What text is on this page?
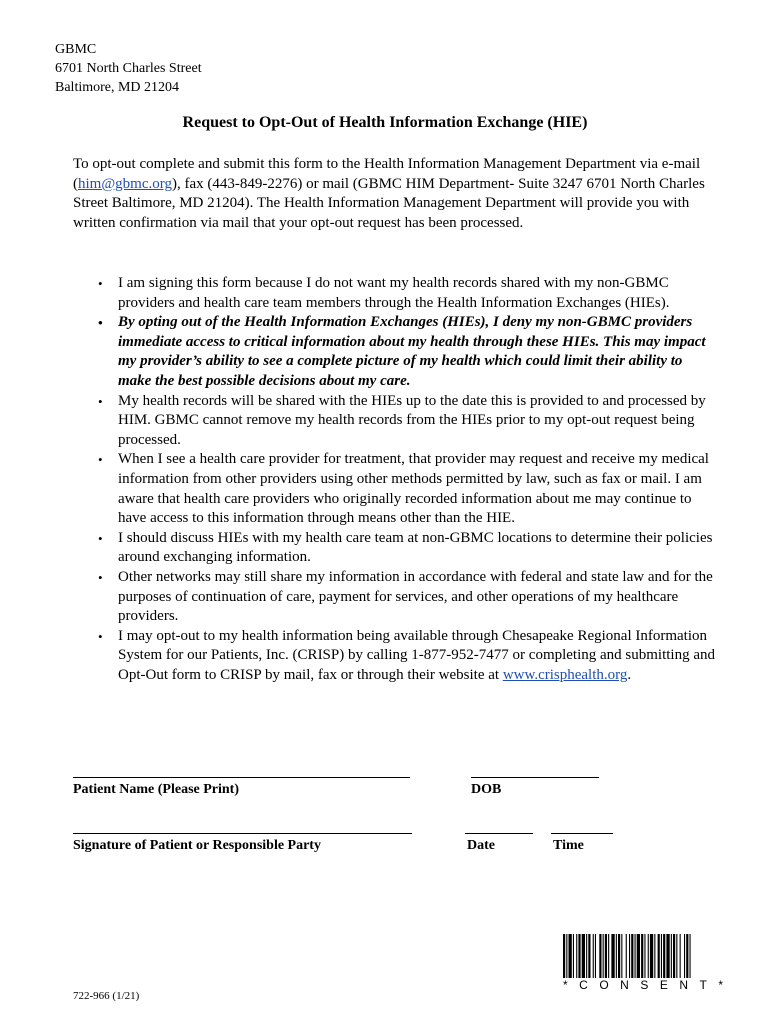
GBMC
6701 North Charles Street
Baltimore, MD 21204
Request to Opt-Out of Health Information Exchange (HIE)
To opt-out complete and submit this form to the Health Information Management Department via e-mail (him@gbmc.org), fax (443-849-2276) or mail (GBMC HIM Department- Suite 3247 6701 North Charles Street Baltimore, MD 21204). The Health Information Management Department will provide you with written confirmation via mail that your opt-out request has been processed.
• I am signing this form because I do not want my health records shared with my non-GBMC providers and health care team members through the Health Information Exchanges (HIEs).
• By opting out of the Health Information Exchanges (HIEs), I deny my non-GBMC providers immediate access to critical information about my health through these HIEs. This may impact my provider’s ability to see a complete picture of my health which could limit their ability to make the best possible decisions about my care.
• My health records will be shared with the HIEs up to the date this is provided to and processed by HIM. GBMC cannot remove my health records from the HIEs prior to my opt-out request being processed.
• When I see a health care provider for treatment, that provider may request and receive my medical information from other providers using other methods permitted by law, such as fax or mail. I am aware that health care providers who originally recorded information about me may continue to have access to this information through means other than the HIE.
• I should discuss HIEs with my health care team at non-GBMC locations to determine their policies around exchanging information.
• Other networks may still share my information in accordance with federal and state law and for the purposes of continuation of care, payment for services, and other operations of my healthcare providers.
• I may opt-out to my health information being available through Chesapeake Regional Information System for our Patients, Inc. (CRISP) by calling 1-877-952-7477 or completing and submitting and Opt-Out form to CRISP by mail, fax or through their website at www.crisphealth.org.
Patient Name (Please Print)	DOB
Signature of Patient or Responsible Party	Date	Time
*CONSENT*
722-966 (1/21)
